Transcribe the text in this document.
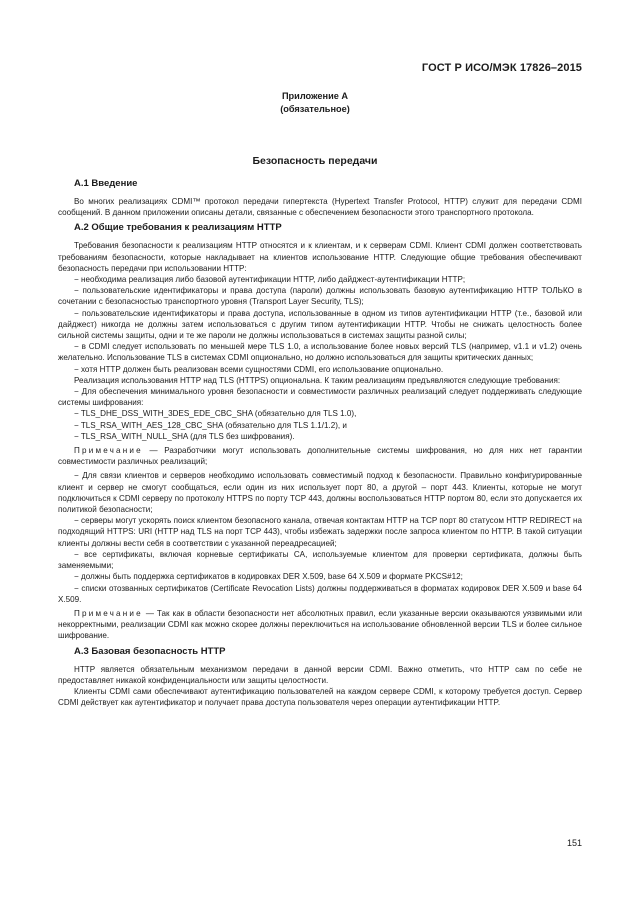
ГОСТ Р ИСО/МЭК 17826–2015
Приложение А
(обязательное)
Безопасность передачи
А.1 Введение

Во многих реализациях CDMI™ протокол передачи гипертекста (Hypertext Transfer Protocol, HTTP) служит для передачи CDMI сообщений. В данном приложении описаны детали, связанные с обеспечением безопасности этого транспортного протокола.

А.2 Общие требования к реализациям HTTP

Требования безопасности к реализациям HTTP относятся и к клиентам, и к серверам CDMI. Клиент CDMI должен соответствовать требованиям безопасности, которые накладывает на клиентов использование HTTP. Следующие общие требования обеспечивают безопасность передачи при использовании HTTP:

− необходима реализация либо базовой аутентификации HTTP, либо дайджест-аутентификации HTTP;

− пользовательские идентификаторы и права доступа (пароли) должны использовать базовую аутентификацию HTTP ТОЛЬКО в сочетании с безопасностью транспортного уровня (Transport Layer Security, TLS);

− пользовательские идентификаторы и права доступа, использованные в одном из типов аутентификации HTTP (т.е., базовой или дайджест) никогда не должны затем использоваться с другим типом аутентификации HTTP. Чтобы не снижать целостность более сильной системы защиты, одни и те же пароли не должны использоваться в системах защиты разной силы;

− в CDMI следует использовать по меньшей мере TLS 1.0, а использование более новых версий TLS (например, v1.1 и v1.2) очень желательно. Использование TLS в системах CDMI опционально, но должно использоваться для защиты критических данных;

− хотя HTTP должен быть реализован всеми сущностями CDMI, его использование опционально.

Реализация использования HTTP над TLS (HTTPS) опциональна. К таким реализациям предъявляются следующие требования:

− Для обеспечения минимального уровня безопасности и совместимости различных реализаций следует поддерживать следующие системы шифрования:

− TLS_DHE_DSS_WITH_3DES_EDE_CBC_SHA (обязательно для TLS 1.0),

− TLS_RSA_WITH_AES_128_CBC_SHA (обязательно для TLS 1.1/1.2), и

− TLS_RSA_WITH_NULL_SHA (для TLS без шифрования).

Примечание — Разработчики могут использовать дополнительные системы шифрования, но для них нет гарантии совместимости различных реализаций;

− Для связи клиентов и серверов необходимо использовать совместимый подход к безопасности. Правильно конфигурированные клиент и сервер не смогут сообщаться, если один из них использует порт 80, а другой – порт 443. Клиенты, которые не могут подключиться к CDMI серверу по протоколу HTTPS по порту TCP 443, должны воспользоваться HTTP портом 80, если это допускается их политикой безопасности;

− серверы могут ускорять поиск клиентом безопасного канала, отвечая контактам HTTP на TCP порт 80 статусом HTTP REDIRECT на подходящий HTTPS: URI (HTTP над TLS на порт TCP 443), чтобы избежать задержки после запроса клиентом по HTTP. В такой ситуации клиенты должны вести себя в соответствии с указанной переадресацией;

− все сертификаты, включая корневые сертификаты CA, используемые клиентом для проверки сертификата, должны быть заменяемыми;

− должны быть поддержка сертификатов в кодировках DER X.509, base 64 X.509 и формате PKCS#12;

− списки отозванных сертификатов (Certificate Revocation Lists) должны поддерживаться в форматах кодировок DER X.509 и base 64 X.509.

Примечание — Так как в области безопасности нет абсолютных правил, если указанные версии оказываются уязвимыми или некорректными, реализации CDMI как можно скорее должны переключиться на использование обновленной версии TLS и более сильное шифрование.

А.3 Базовая безопасность HTTP

HTTP является обязательным механизмом передачи в данной версии CDMI. Важно отметить, что HTTP сам по себе не предоставляет никакой конфиденциальности или защиты целостности.

Клиенты CDMI сами обеспечивают аутентификацию пользователей на каждом сервере CDMI, к которому требуется доступ. Сервер CDMI действует как аутентификатор и получает права доступа пользователя через операции аутентификации HTTP.

151
